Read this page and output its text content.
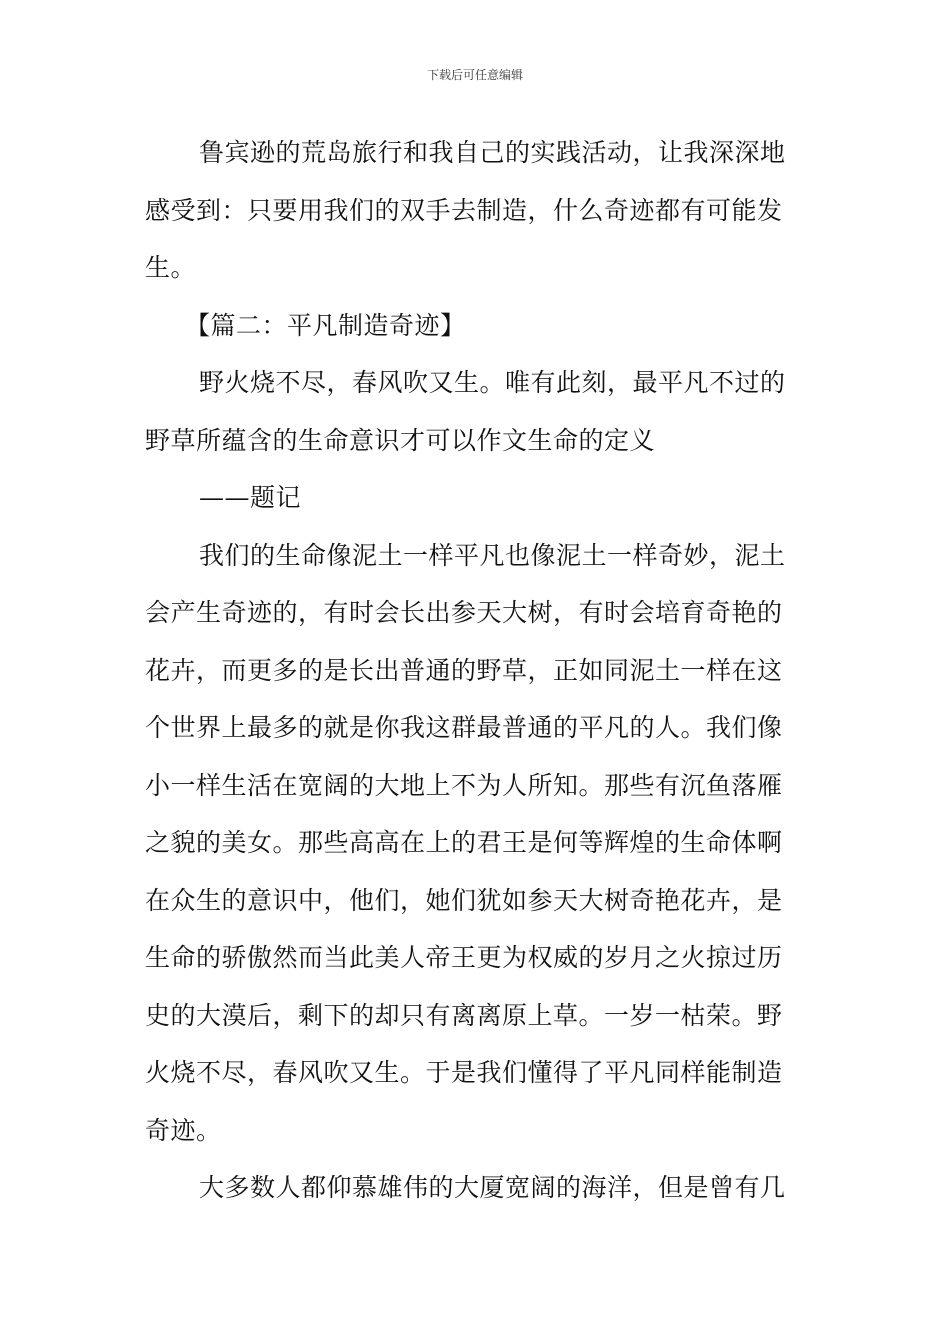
下载后可任意编辑
鲁宾逊的荒岛旅行和我自己的实践活动，让我深深地
感受到：只要用我们的双手去制造，什么奇迹都有可能发
生。
【篇二：平凡制造奇迹】
野火烧不尽，春风吹又生。唯有此刻，最平凡不过的
野草所蕴含的生命意识才可以作文生命的定义
——题记
我们的生命像泥土一样平凡也像泥土一样奇妙，泥土
会产生奇迹的，有时会长出参天大树，有时会培育奇艳的
花卉，而更多的是长出普通的野草，正如同泥土一样在这
个世界上最多的就是你我这群最普通的平凡的人。我们像
小一样生活在宽阔的大地上不为人所知。那些有沉鱼落雁
之貌的美女。那些高高在上的君王是何等辉煌的生命体啊
在众生的意识中，他们，她们犹如参天大树奇艳花卉，是
生命的骄傲然而当此美人帝王更为权威的岁月之火掠过历
史的大漠后，剩下的却只有离离原上草。一岁一枯荣。野
火烧不尽，春风吹又生。于是我们懂得了平凡同样能制造
奇迹。
大多数人都仰慕雄伟的大厦宽阔的海洋，但是曾有几
